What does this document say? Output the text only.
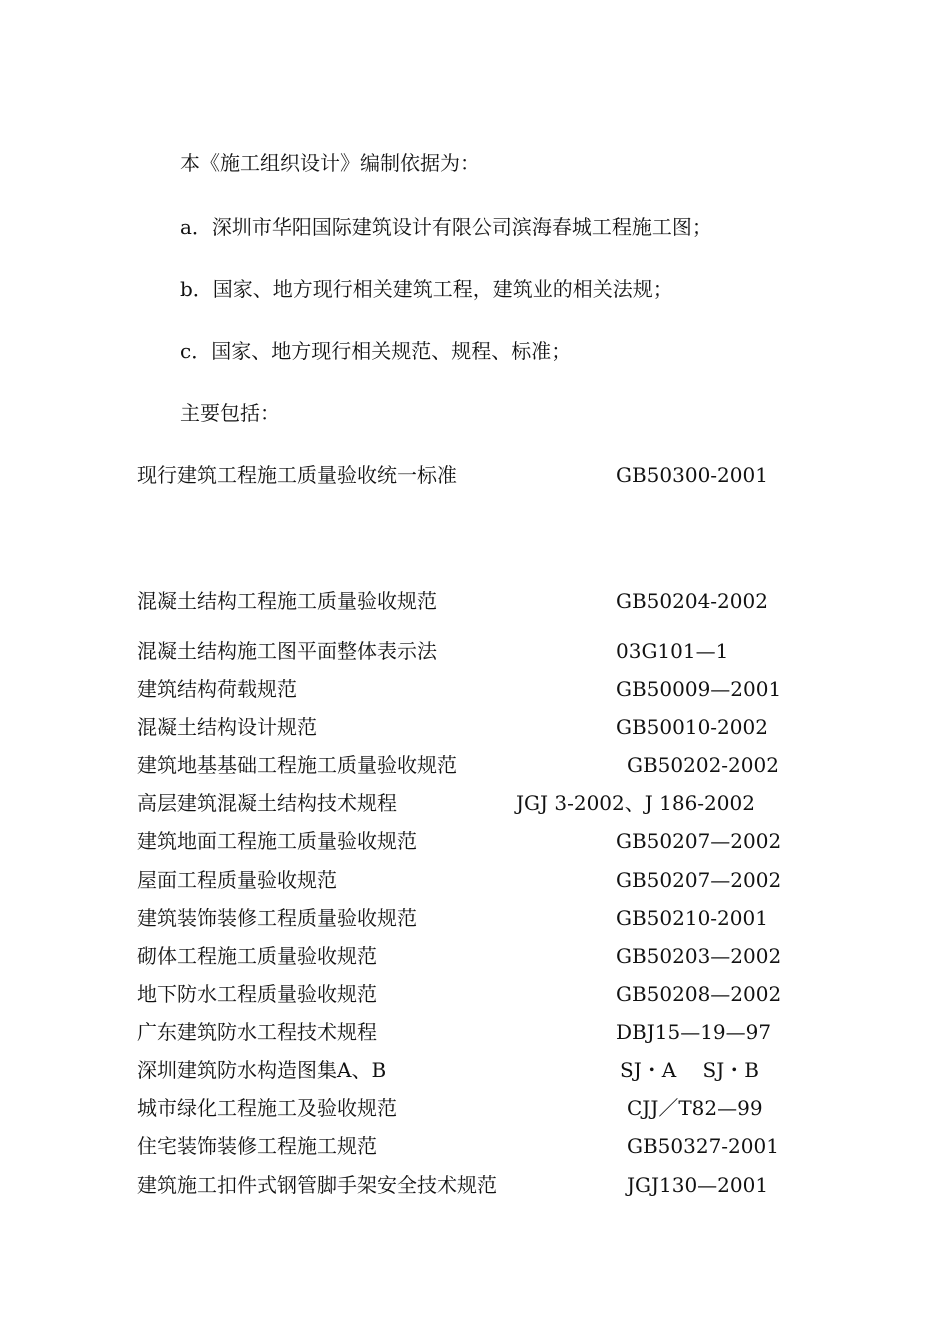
本《施工组织设计》编制依据为：
a．深圳市华阳国际建筑设计有限公司滨海春城工程施工图；
b．国家、地方现行相关建筑工程，建筑业的相关法规；
c．国家、地方现行相关规范、规程、标准；
主要包括：
现行建筑工程施工质量验收统一标准	GB50300-2001
混凝土结构工程施工质量验收规范	GB50204-2002
混凝土结构施工图平面整体表示法	03G101—1
建筑结构荷载规范	GB50009—2001
混凝土结构设计规范	GB50010-2002
建筑地基基础工程施工质量验收规范	GB50202-2002
高层建筑混凝土结构技术规程	JGJ 3-2002、J 186-2002
建筑地面工程施工质量验收规范	GB50207—2002
屋面工程质量验收规范	GB50207—2002
建筑装饰装修工程质量验收规范	GB50210-2001
砌体工程施工质量验收规范	GB50203—2002
地下防水工程质量验收规范	GB50208—2002
广东建筑防水工程技术规程	DBJ15—19—97
深圳建筑防水构造图集A、B	SJ・A　 SJ・B
城市绿化工程施工及验收规范	CJJ／T82—99
住宅装饰装修工程施工规范	GB50327-2001
建筑施工扣件式钢管脚手架安全技术规范	JGJ130—2001
